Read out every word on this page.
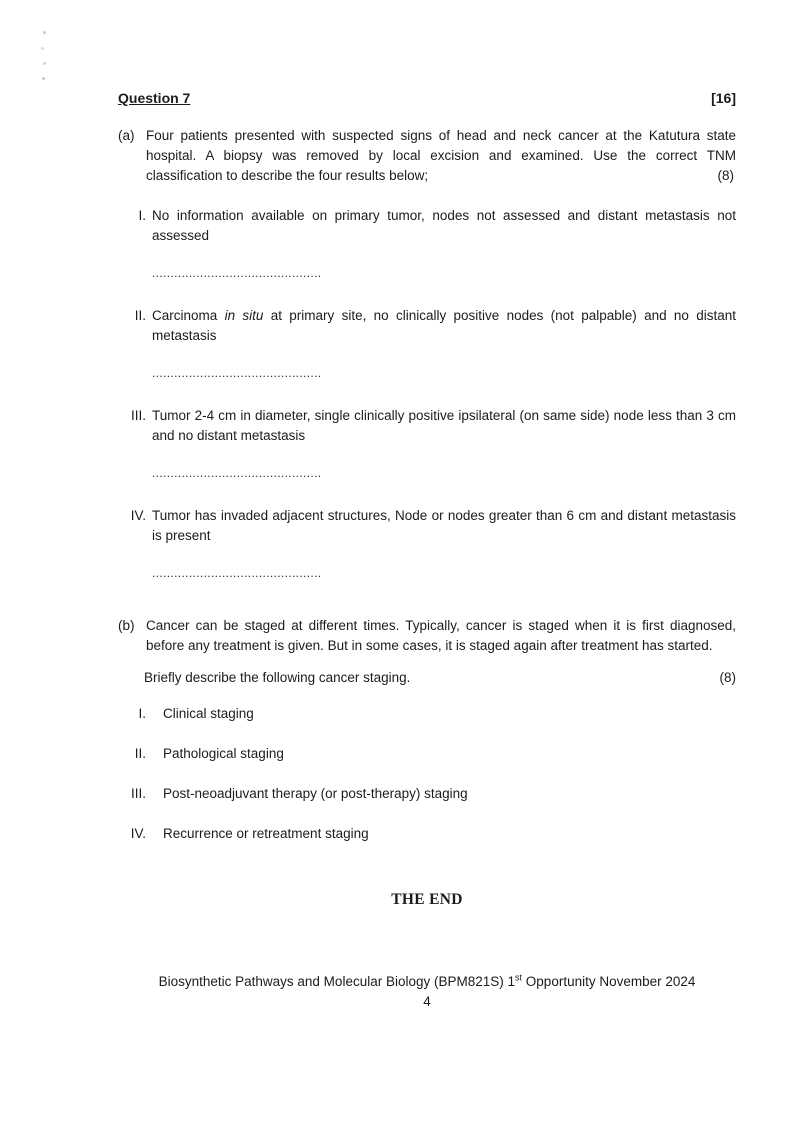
Question 7	[16]
(a) Four patients presented with suspected signs of head and neck cancer at the Katutura state hospital. A biopsy was removed by local excision and examined. Use the correct TNM classification to describe the four results below;	(8)
I. No information available on primary tumor, nodes not assessed and distant metastasis not assessed
..............................................
II. Carcinoma in situ at primary site, no clinically positive nodes (not palpable) and no distant metastasis
..............................................
III. Tumor 2-4 cm in diameter, single clinically positive ipsilateral (on same side) node less than 3 cm and no distant metastasis
..............................................
IV. Tumor has invaded adjacent structures, Node or nodes greater than 6 cm and distant metastasis is present
..............................................
(b) Cancer can be staged at different times. Typically, cancer is staged when it is first diagnosed, before any treatment is given. But in some cases, it is staged again after treatment has started.
Briefly describe the following cancer staging.	(8)
I. Clinical staging
II. Pathological staging
III. Post-neoadjuvant therapy (or post-therapy) staging
IV. Recurrence or retreatment staging
THE END
Biosynthetic Pathways and Molecular Biology (BPM821S) 1st Opportunity November 2024
4
